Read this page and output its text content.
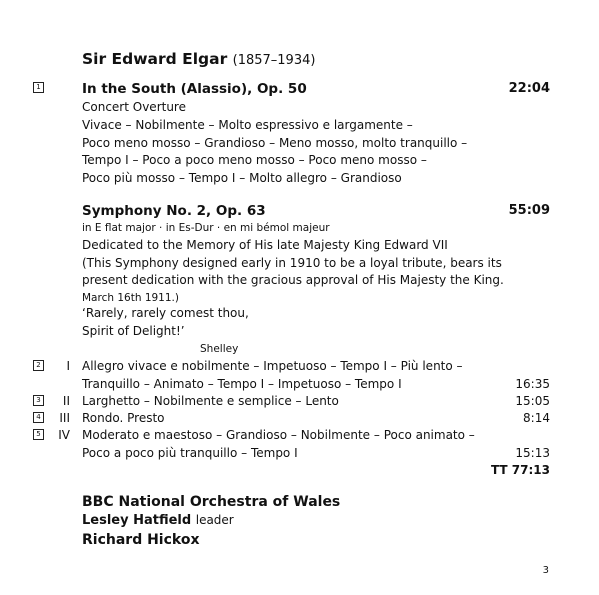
Sir Edward Elgar (1857–1934)
1	In the South (Alassio), Op. 50	22:04
Concert Overture
Vivace – Nobilmente – Molto espressivo e largamente –
Poco meno mosso – Grandioso – Meno mosso, molto tranquillo –
Tempo I – Poco a poco meno mosso – Poco meno mosso –
Poco più mosso – Tempo I – Molto allegro – Grandioso
Symphony No. 2, Op. 63	55:09
in E flat major · in Es-Dur · en mi bémol majeur
Dedicated to the Memory of His late Majesty King Edward VII
(This Symphony designed early in 1910 to be a loyal tribute, bears its
present dedication with the gracious approval of His Majesty the King.
March 16th 1911.)
‘Rarely, rarely comest thou,
Spirit of Delight!’
Shelley
2	I Allegro vivace e nobilmente – Impetuoso – Tempo I – Più lento –
Tranquillo – Animato – Tempo I – Impetuoso – Tempo I	16:35
3	II Larghetto – Nobilmente e semplice – Lento	15:05
4	III Rondo. Presto	8:14
5	IV Moderato e maestoso – Grandioso – Nobilmente – Poco animato –
Poco a poco più tranquillo – Tempo I	15:13
TT 77:13
BBC National Orchestra of Wales
Lesley Hatfield leader
Richard Hickox
3
